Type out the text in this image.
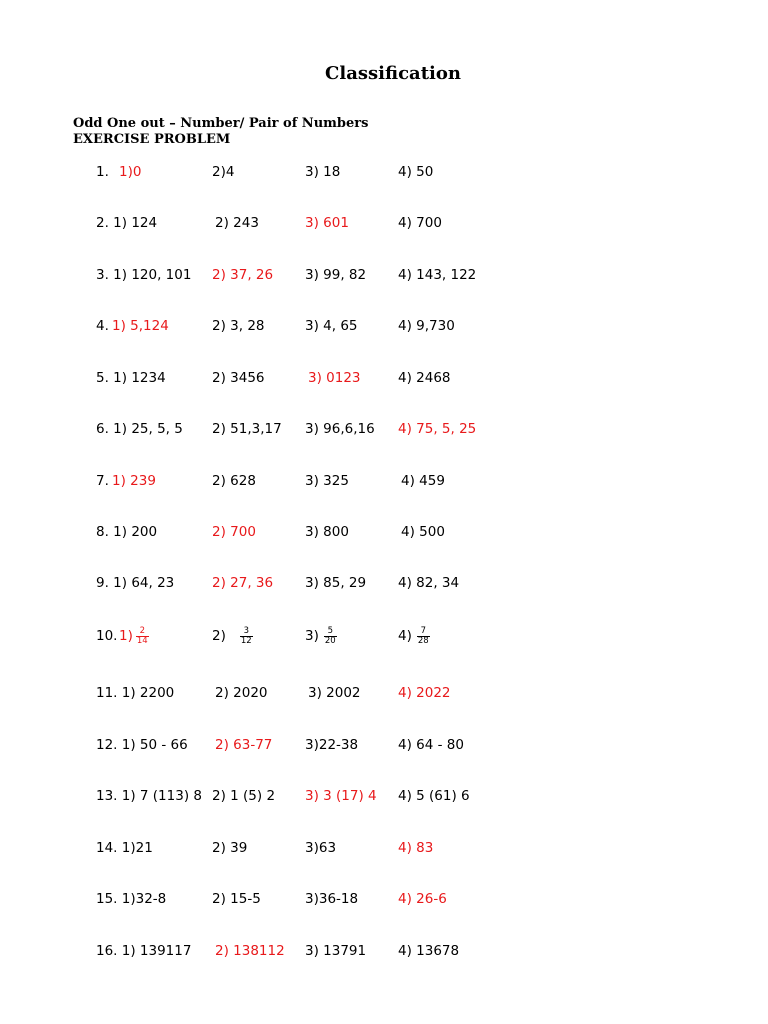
Classification

Odd One out – Number/ Pair of Numbers

EXERCISE PROBLEM

1. 1)0	2)4	3) 18	4) 50
2. 1) 124	2) 243	3) 601	4) 700
3. 1) 120, 101 2) 37, 26 3) 99, 82 4) 143, 122
4. 1) 5,124	2) 3, 28	3) 4, 65	4) 9,730
5. 1) 1234	2) 3456	3) 0123	4) 2468
6. 1) 25, 5, 5 2) 51,3,17 3) 96,6,16 4) 75, 5, 25
7. 1) 239	2) 628	3) 325	4) 459
8. 1) 200	2) 700	3) 800	4) 500
9. 1) 64, 23	2) 27, 36 3) 85, 29 4) 82, 34
10. $1) \frac{2}{14}$	$2) \frac{3}{12}$	$3) \frac{5}{20}$	$4) \frac{7}{28}$
11. 1) 2200	2) 2020	3) 2002	4) 2022
12. 1) 50 - 66 2) 63-77 3)22-38	4) 64 - 80
13. 1) 7 (113) 8 2) 1 (5) 2 3) 3 (17) 4 4) 5 (61) 6
14. 1)21	2) 39	3)63	4) 83
15. 1)32-8	2) 15-5	3)36-18	4) 26-6
16. 1) 139117 2) 138112 3) 13791 4) 13678
